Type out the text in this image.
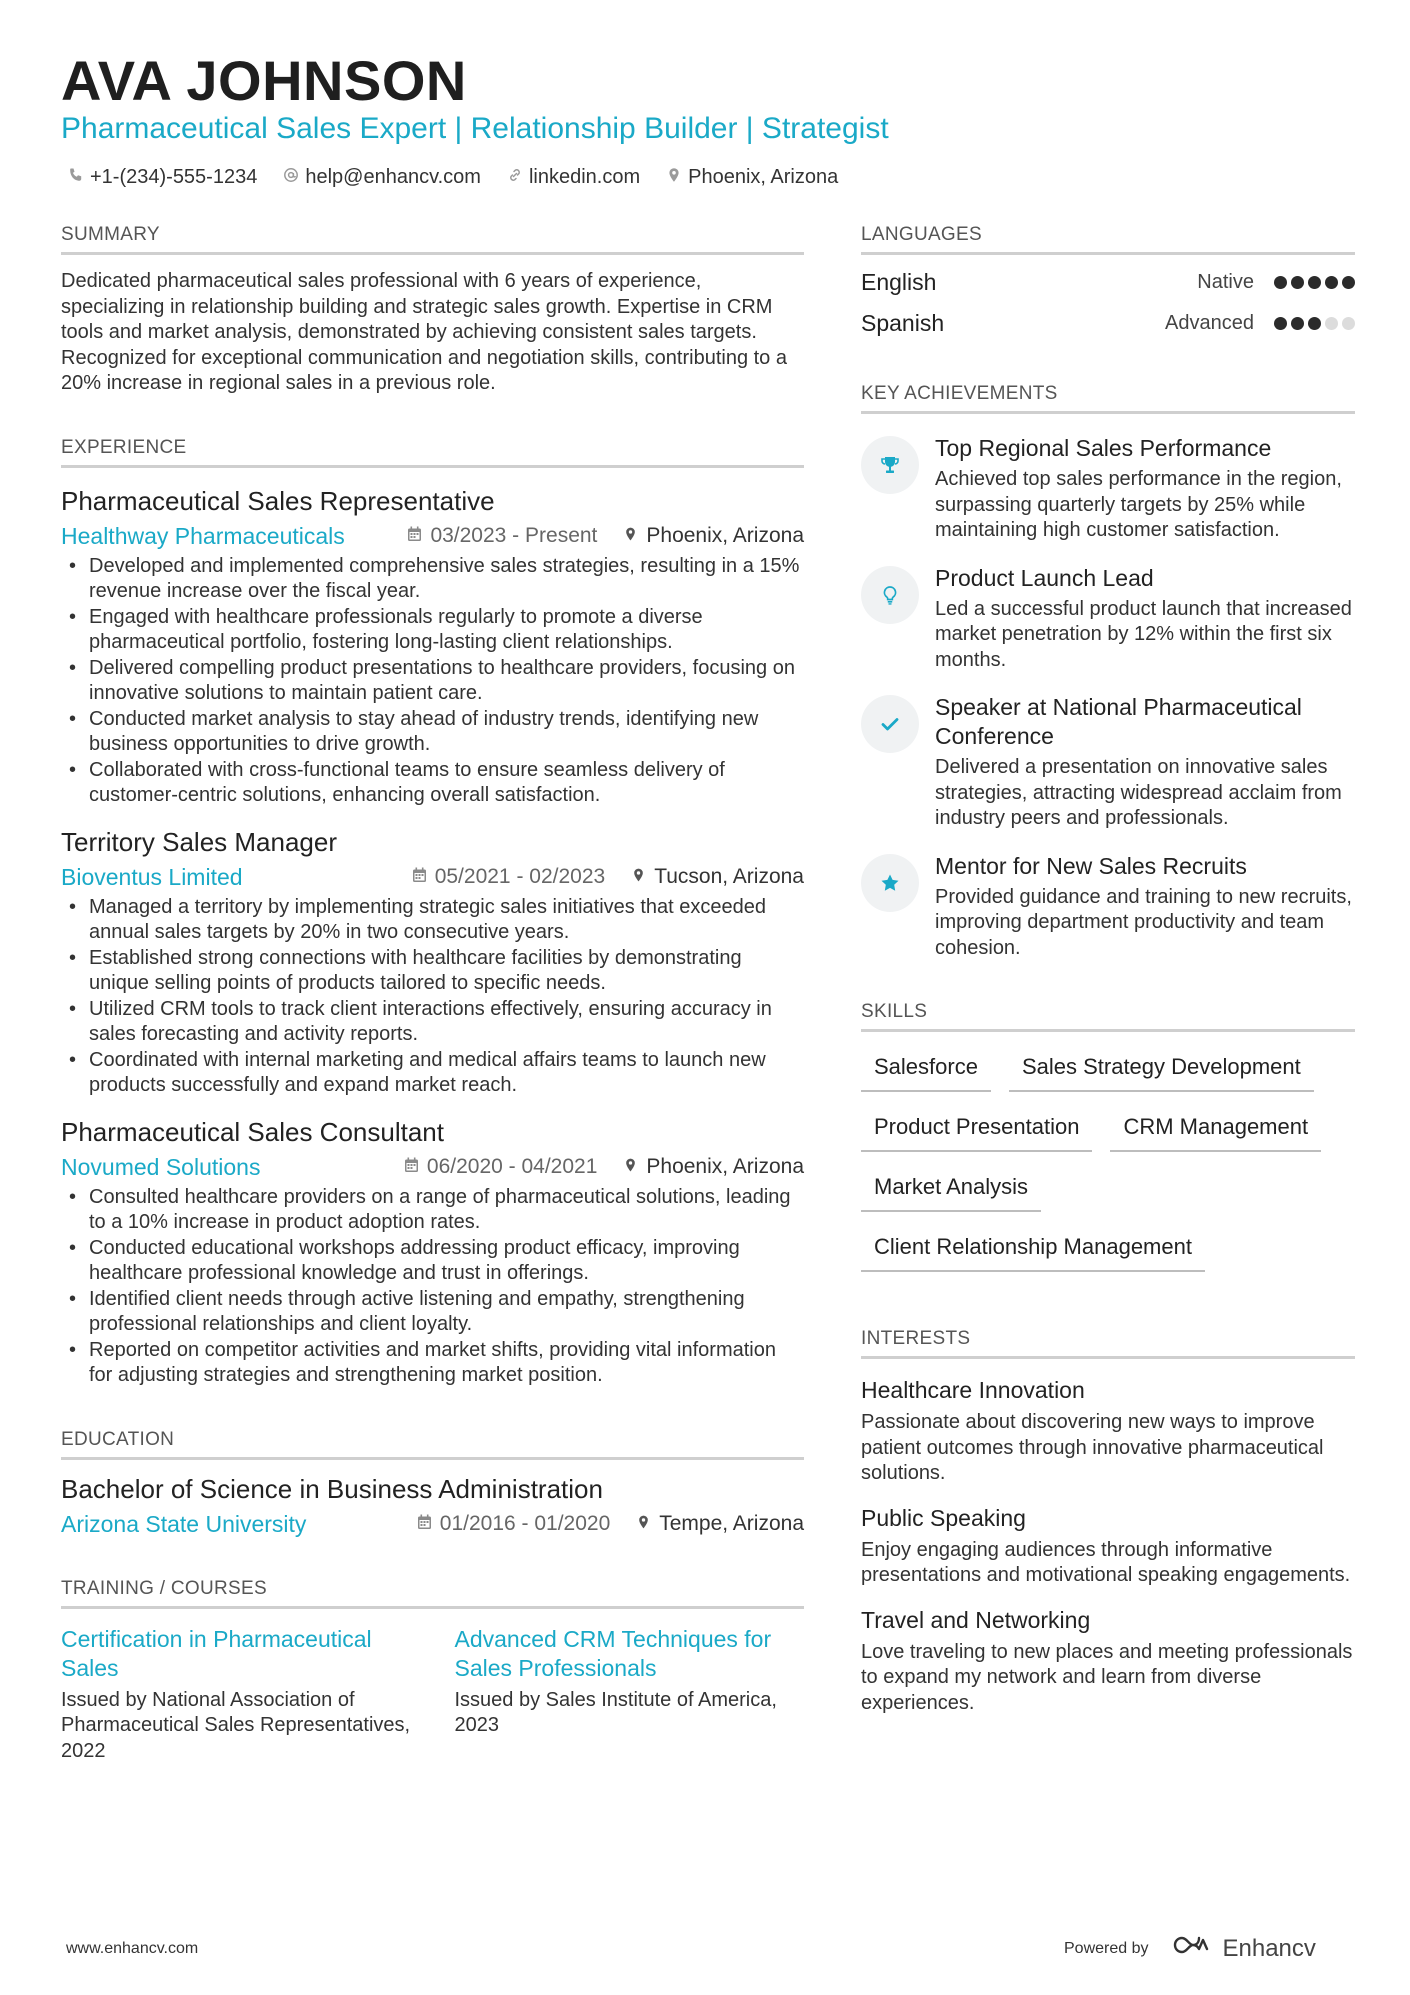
AVA JOHNSON
Pharmaceutical Sales Expert | Relationship Builder | Strategist
+1-(234)-555-1234 help@enhancv.com linkedin.com Phoenix, Arizona
SUMMARY

Dedicated pharmaceutical sales professional with 6 years of experience, specializing in relationship building and strategic sales growth. Expertise in CRM tools and market analysis, demonstrated by achieving consistent sales targets. Recognized for exceptional communication and negotiation skills, contributing to a 20% increase in regional sales in a previous role.

EXPERIENCE
Pharmaceutical Sales Representative
Healthway Pharmaceuticals	03/2023 - Present Phoenix, Arizona
• Developed and implemented comprehensive sales strategies, resulting in a 15% revenue increase over the fiscal year.
• Engaged with healthcare professionals regularly to promote a diverse pharmaceutical portfolio, fostering long-lasting client relationships.
• Delivered compelling product presentations to healthcare providers, focusing on innovative solutions to maintain patient care.
• Conducted market analysis to stay ahead of industry trends, identifying new business opportunities to drive growth.
• Collaborated with cross-functional teams to ensure seamless delivery of customer-centric solutions, enhancing overall satisfaction.
Territory Sales Manager
Bioventus Limited	05/2021 - 02/2023 Tucson, Arizona
• Managed a territory by implementing strategic sales initiatives that exceeded annual sales targets by 20% in two consecutive years.
• Established strong connections with healthcare facilities by demonstrating unique selling points of products tailored to specific needs.
• Utilized CRM tools to track client interactions effectively, ensuring accuracy in sales forecasting and activity reports.
• Coordinated with internal marketing and medical affairs teams to launch new products successfully and expand market reach.
Pharmaceutical Sales Consultant
Novumed Solutions	06/2020 - 04/2021 Phoenix, Arizona
• Consulted healthcare providers on a range of pharmaceutical solutions, leading to a 10% increase in product adoption rates.
• Conducted educational workshops addressing product efficacy, improving healthcare professional knowledge and trust in offerings.
• Identified client needs through active listening and empathy, strengthening professional relationships and client loyalty.
• Reported on competitor activities and market shifts, providing vital information for adjusting strategies and strengthening market position.
EDUCATION
Bachelor of Science in Business Administration
Arizona State University	01/2016 - 01/2020 Tempe, Arizona
TRAINING / COURSES
Certification in Pharmaceutical Sales
Issued by National Association of Pharmaceutical Sales Representatives, 2022
Advanced CRM Techniques for Sales Professionals
Issued by Sales Institute of America, 2023
LANGUAGES
English	Native
Spanish	Advanced
KEY ACHIEVEMENTS
Top Regional Sales Performance
Achieved top sales performance in the region, surpassing quarterly targets by 25% while maintaining high customer satisfaction.
Product Launch Lead
Led a successful product launch that increased market penetration by 12% within the first six months.
Speaker at National Pharmaceutical Conference
Delivered a presentation on innovative sales strategies, attracting widespread acclaim from industry peers and professionals.
Mentor for New Sales Recruits
Provided guidance and training to new recruits, improving department productivity and team cohesion.
SKILLS
Salesforce	Sales Strategy Development
Product Presentation	CRM Management
Market Analysis
Client Relationship Management
INTERESTS
Healthcare Innovation
Passionate about discovering new ways to improve patient outcomes through innovative pharmaceutical solutions.
Public Speaking
Enjoy engaging audiences through informative presentations and motivational speaking engagements.
Travel and Networking
Love traveling to new places and meeting professionals to expand my network and learn from diverse experiences.
www.enhancv.com	Powered by	Enhancv
